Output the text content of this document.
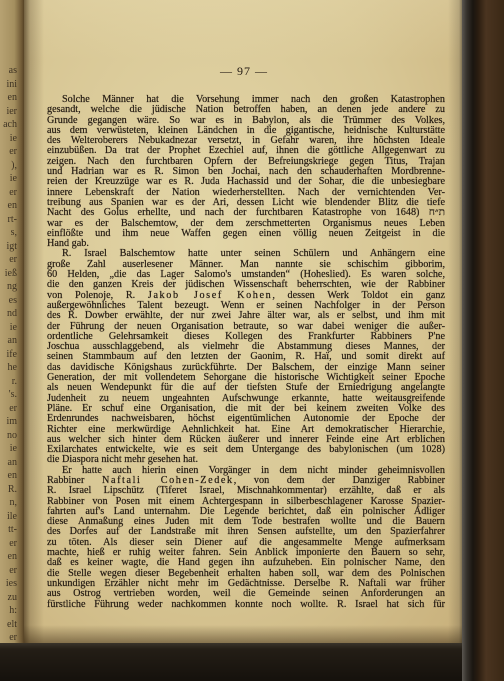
as
ini
en
ier
ach
ie
er
),
ie
er
en
rt-
s,
igt
er
ieß
ng
es
nd
ie
an
ife
he
r.
's.
er
im
no
ie
an
en
R.
n,
ile
tt-
er
en
er
ies
zu
h:
elt
er
— 97 —
Solche Männer hat die Vorsehung immer nach den großen Katastrophen
gesandt, welche die jüdische Nation betroffen haben, an denen jede andere zu
Grunde gegangen wäre. So war es in Babylon, als die Trümmer des Volkes,
aus dem verwüsteten, kleinen Ländchen in die gigantische, heidnische Kulturstätte
des Welteroberers Nebukadnezar versetzt, in Gefahr waren, ihre höchsten Ideale
einzubüßen. Da trat der Prophet Ezechiel auf, ihnen die göttliche Allgegenwart zu
zeigen. Nach den furchtbaren Opfern der Befreiungskriege gegen Titus, Trajan
und Hadrian war es R. Simon ben Jochai, nach den schauderhaften Mordbrenne-
reien der Kreuzzüge war es R. Juda Hachassid und der Sohar, die die unbesiegbare
innere Lebenskraft der Nation wiederherstellten. Nach der vernichtenden Ver-
treibung aus Spanien war es der Ari, dessen Licht wie blendender Blitz die tiefe
Nacht des Golus erhellte, und nach der furchtbaren Katastrophe von ת״ח (1648
war es der Balschemtow, der dem zerschmetterten Organismus neues Leben
einflößte und ihm neue Waffen gegen einen völlig neuen Zeitgeist in die
Hand gab.
R. Israel Balschemtow hatte unter seinen Schülern und Anhängern eine
große Zahl auserlesener Männer. Man nannte sie schischim gibborim,
60 Helden, „die das Lager Salomo's umstanden“ (Hoheslied). Es waren solche,
die den ganzen Kreis der jüdischen Wissenschaft beherrschten, wie der Rabbiner
von Polenoje, R. Jakob Josef Kohen, dessen Werk Toldot ein ganz
außergewöhnliches Talent bezeugt. Wenn er seinen Nachfolger in der Person
des R. Dowber erwählte, der nur zwei Jahre älter war, als er selbst, und ihm mit
der Führung der neuen Organisation betraute, so war dabei weniger die außer-
ordentliche Gelehrsamkeit dieses Kollegen des Frankfurter Rabbiners P'ne
Joschua ausschlaggebend, als vielmehr die Abstammung dieses Mannes, der
seinen Stammbaum auf den letzten der Gaonim, R. Haï, und somit direkt auf
das davidische Königshaus zurückführte. Der Balschem, der einzige Mann seiner
Generation, der mit vollendetem Sehorgane die historische Wichtigkeit seiner Epoche
als neuen Wendepunkt für die auf der tiefsten Stufe der Erniedrigung angelangte
Judenheit zu neuem ungeahnten Aufschwunge erkannte, hatte weitausgreifende
Pläne. Er schuf eine Organisation, die mit der bei keinem zweiten Volke des
Erdenrundes nachweisbaren, höchst eigentümlichen Autonomie der Epoche der
Richter eine merkwürdige Aehnlichkeit hat. Eine Art demokratischer Hierarchie,
aus welcher sich hinter dem Rücken äußerer und innerer Feinde eine Art erblichen
Exilarchates entwickelte, wie es seit dem Untergange des babylonischen (um 1028)
die Diaspora nicht mehr gesehen hat.
Er hatte auch hierin einen Vorgänger in dem nicht minder geheimnisvollen
Rabbiner Naftali Cohen-Zedek, von dem der Danziger Rabbiner
R. Israel Lipschütz (Tiferet Israel, Mischnahkommentar) erzählte, daß er als
Rabbiner von Posen mit einem Achtergespann in silberbeschlagener Karosse Spazier-
fahrten auf's Land unternahm. Die Legende berichtet, daß ein polnischer Adliger
diese Anmaßung eines Juden mit dem Tode bestrafen wollte und die Bauern
des Dorfes auf der Landstraße mit ihren Sensen aufstellte, um den Spazierfahrer
zu töten. Als dieser sein Diener auf die angesammelte Menge aufmerksam
machte, hieß er ruhig weiter fahren. Sein Anblick imponierte den Bauern so sehr,
daß es keiner wagte, die Hand gegen ihn aufzuheben. Ein polnischer Name, den
die Stelle wegen dieser Begebenheit erhalten haben soll, war dem des Polnischen
unkundigen Erzähler nicht mehr im Gedächtnisse. Derselbe R. Naftali war früher
aus Ostrog vertrieben worden, weil die Gemeinde seinen Anforderungen an
fürstliche Führung weder nachkommen konnte noch wollte. R. Israel hat sich für
